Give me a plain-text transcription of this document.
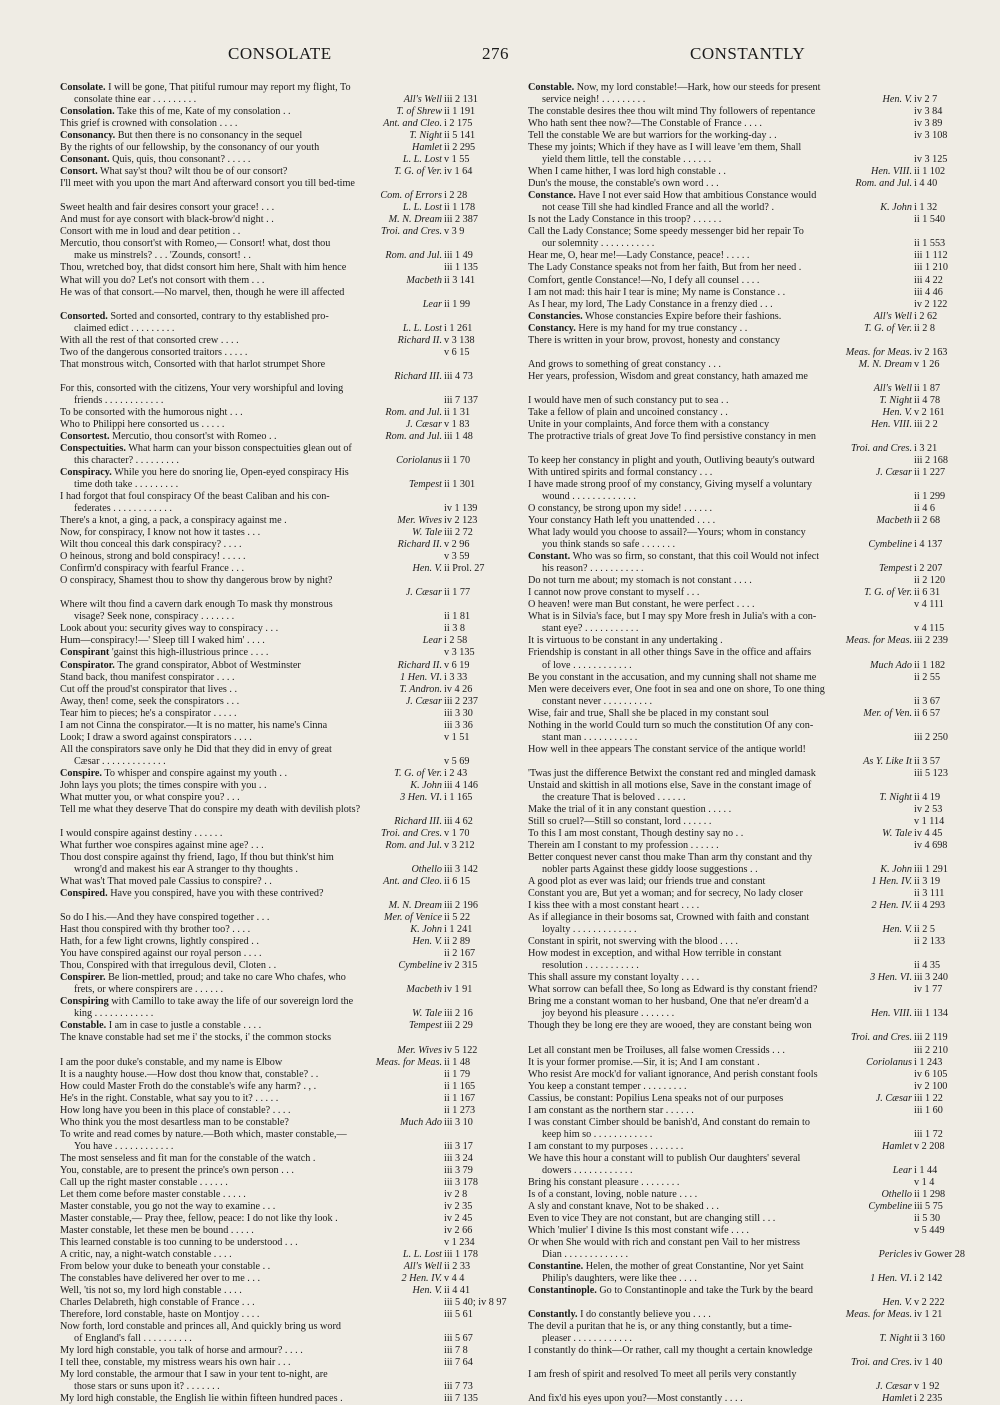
CONSOLATE	276	CONSTANTLY
Consolate. I will be gone, That pitiful rumour may report my flight, To
consolate thine ear . . . . . . . . .	All's Well iii 2 131
Consolation. Take this of me, Kate of my consolation . .	T. of Shrew ii 1 191
This grief is crowned with consolation . . . .	Ant. and Cleo. i 2 175
Consonancy. But then there is no consonancy in the sequel	T. Night ii 5 141
By the rights of our fellowship, by the consonancy of our youth	Hamlet ii 2 295
Consonant. Quis, quis, thou consonant? . . . . .	L. L. Lost v 1 55
Consort. What say'st thou? wilt thou be of our consort?	T. G. of Ver. iv 1 64
I'll meet with you upon the mart And afterward consort you till bed-time
Com. of Errors i 2 28
Sweet health and fair desires consort your grace! . . .	L. L. Lost ii 1 178
And must for aye consort with black-brow'd night . .	M. N. Dream iii 2 387
Consort with me in loud and dear petition . .	Troi. and Cres. v 3 9
Mercutio, thou consort'st with Romeo,— Consort! what, dost thou
make us minstrels? . . . 'Zounds, consort! . .	Rom. and Jul. iii 1 49
Thou, wretched boy, that didst consort him here, Shalt with him hence	iii 1 135
What will you do? Let's not consort with them . . .	Macbeth ii 3 141
He was of that consort.—No marvel, then, though he were ill affected
Lear ii 1 99
Consorted. Sorted and consorted, contrary to thy established pro-
claimed edict . . . . . . . . .	L. L. Lost i 1 261
With all the rest of that consorted crew . . . .	Richard II. v 3 138
Two of the dangerous consorted traitors . . . . .	v 6 15
That monstrous witch, Consorted with that harlot strumpet Shore
Richard III. iii 4 73
For this, consorted with the citizens, Your very worshipful and loving
friends . . . . . . . . . . . .	iii 7 137
To be consorted with the humorous night . . .	Rom. and Jul. ii 1 31
Who to Philippi here consorted us . . . . .	J. Cæsar v 1 83
Consortest. Mercutio, thou consort'st with Romeo . .	Rom. and Jul. iii 1 48
Conspectuities. What harm can your bisson conspectuities glean out of
this character? . . . . . . . . .	Coriolanus ii 1 70
Conspiracy. While you here do snoring lie, Open-eyed conspiracy His
time doth take . . . . . . . . .	Tempest ii 1 301
I had forgot that foul conspiracy Of the beast Caliban and his con-
federates . . . . . . . . . . . .	iv 1 139
There's a knot, a ging, a pack, a conspiracy against me .	Mer. Wives iv 2 123
Now, for conspiracy, I know not how it tastes . . .	W. Tale iii 2 72
Wilt thou conceal this dark conspiracy? . . . .	Richard II. v 2 96
O heinous, strong and bold conspiracy! . . . . .	v 3 59
Confirm'd conspiracy with fearful France . . .	Hen. V. ii Prol. 27
O conspiracy, Shamest thou to show thy dangerous brow by night?
J. Cæsar ii 1 77
Where wilt thou find a cavern dark enough To mask thy monstrous
visage? Seek none, conspiracy . . . . . . .	ii 1 81
Look about you: security gives way to conspiracy . . .	ii 3 8
Hum—conspiracy!—' Sleep till I waked him' . . . .	Lear i 2 58
Conspirant 'gainst this high-illustrious prince . . . .	v 3 135
Conspirator. The grand conspirator, Abbot of Westminster	Richard II. v 6 19
Stand back, thou manifest conspirator . . . .	1 Hen. VI. i 3 33
Cut off the proud'st conspirator that lives . .	T. Andron. iv 4 26
Away, then! come, seek the conspirators . . .	J. Cæsar iii 2 237
Tear him to pieces; he's a conspirator . . . . .	iii 3 30
I am not Cinna the conspirator.—It is no matter, his name's Cinna	iii 3 36
Look; I draw a sword against conspirators . . . .	v 1 51
All the conspirators save only he Did that they did in envy of great
Cæsar . . . . . . . . . . . . .	v 5 69
Conspire. To whisper and conspire against my youth . .	T. G. of Ver. i 2 43
John lays you plots; the times conspire with you . .	K. John iii 4 146
What mutter you, or what conspire you? . . .	3 Hen. VI. i 1 165
Tell me what they deserve That do conspire my death with devilish plots?
Richard III. iii 4 62
I would conspire against destiny . . . . . .	Troi. and Cres. v 1 70
What further woe conspires against mine age? . . .	Rom. and Jul. v 3 212
Thou dost conspire against thy friend, Iago, If thou but think'st him
wrong'd and makest his ear A stranger to thy thoughts .	Othello iii 3 142
What was't That moved pale Cassius to conspire? . .	Ant. and Cleo. ii 6 15
Conspired. Have you conspired, have you with these contrived?
M. N. Dream iii 2 196
So do I his.—And they have conspired together . . .	Mer. of Venice ii 5 22
Hast thou conspired with thy brother too? . . . .	K. John i 1 241
Hath, for a few light crowns, lightly conspired . .	Hen. V. ii 2 89
You have conspired against our royal person . . . .	ii 2 167
Thou, Conspired with that irregulous devil, Cloten . .	Cymbeline iv 2 315
Conspirer. Be lion-mettled, proud; and take no care Who chafes, who
frets, or where conspirers are . . . . . .	Macbeth iv 1 91
Conspiring with Camillo to take away the life of our sovereign lord the
king . . . . . . . . . . . .	W. Tale iii 2 16
Constable. I am in case to justle a constable . . . .	Tempest iii 2 29
The knave constable had set me i' the stocks, i' the common stocks
Mer. Wives iv 5 122
I am the poor duke's constable, and my name is Elbow	Meas. for Meas. ii 1 48
It is a naughty house.—How dost thou know that, constable? . .	ii 1 79
How could Master Froth do the constable's wife any harm? . , .	ii 1 165
He's in the right. Constable, what say you to it? . . . . .	ii 1 167
How long have you been in this place of constable? . . . .	ii 1 273
Who think you the most desartless man to be constable?	Much Ado iii 3 10
To write and read comes by nature.—Both which, master constable,—
You have . . . . . . . . . . . .	iii 3 17
The most senseless and fit man for the constable of the watch .	iii 3 24
You, constable, are to present the prince's own person . . .	iii 3 79
Call up the right master constable . . . . . .	iii 3 178
Let them come before master constable . . . . .	iv 2 8
Master constable, you go not the way to examine . . .	iv 2 35
Master constable,— Pray thee, fellow, peace: I do not like thy look .	iv 2 45
Master constable, let these men be bound . . . . .	iv 2 66
This learned constable is too cunning to be understood . . .	v 1 234
A critic, nay, a night-watch constable . . . .	L. L. Lost iii 1 178
From below your duke to beneath your constable . .	All's Well ii 2 33
The constables have delivered her over to me . . .	2 Hen. IV. v 4 4
Well, 'tis not so, my lord high constable . . . .	Hen. V. ii 4 41
Charles Delabreth, high constable of France . . .	iii 5 40; iv 8 97
Therefore, lord constable, haste on Montjoy . . . .	iii 5 61
Now forth, lord constable and princes all, And quickly bring us word
of England's fall . . . . . . . . . .	iii 5 67
My lord high constable, you talk of horse and armour? . . . .	iii 7 8
I tell thee, constable, my mistress wears his own hair . . .	iii 7 64
My lord constable, the armour that I saw in your tent to-night, are
those stars or suns upon it? . . . . . . .	iii 7 73
My lord high constable, the English lie within fifteen hundred paces .	iii 7 135
Constable. Now, my lord constable!—Hark, how our steeds for present
service neigh! . . . . . . . . .	Hen. V. iv 2 7
The constable desires thee thou wilt mind Thy followers of repentance	iv 3 84
Who hath sent thee now?—The Constable of France . . . .	iv 3 89
Tell the constable We are but warriors for the working-day . .	iv 3 108
These my joints; Which if they have as I will leave 'em them, Shall
yield them little, tell the constable . . . . . .	iv 3 125
When I came hither, I was lord high constable . .	Hen. VIII. ii 1 102
Dun's the mouse, the constable's own word . . .	Rom. and Jul. i 4 40
Constance. Have I not ever said How that ambitious Constance would
not cease Till she had kindled France and all the world? .	K. John i 1 32
Is not the Lady Constance in this troop? . . . . . .	ii 1 540
Call the Lady Constance; Some speedy messenger bid her repair To
our solemnity . . . . . . . . . . .	ii 1 553
Hear me, O, hear me!—Lady Constance, peace! . . . . .	iii 1 112
The Lady Constance speaks not from her faith, But from her need .	iii 1 210
Comfort, gentle Constance!—No, I defy all counsel . . . .	iii 4 22
I am not mad: this hair I tear is mine; My name is Constance . .	iii 4 46
As I hear, my lord, The Lady Constance in a frenzy died . . .	iv 2 122
Constancies. Whose constancies Expire before their fashions.	All's Well i 2 62
Constancy. Here is my hand for my true constancy . .	T. G. of Ver. ii 2 8
There is written in your brow, provost, honesty and constancy
Meas. for Meas. iv 2 163
And grows to something of great constancy . . .	M. N. Dream v 1 26
Her years, profession, Wisdom and great constancy, hath amazed me
All's Well ii 1 87
I would have men of such constancy put to sea . .	T. Night ii 4 78
Take a fellow of plain and uncoined constancy . .	Hen. V. v 2 161
Unite in your complaints, And force them with a constancy	Hen. VIII. iii 2 2
The protractive trials of great Jove To find persistive constancy in men
Troi. and Cres. i 3 21
To keep her constancy in plight and youth, Outliving beauty's outward	iii 2 168
With untired spirits and formal constancy . . .	J. Cæsar ii 1 227
I have made strong proof of my constancy, Giving myself a voluntary
wound . . . . . . . . . . . . .	ii 1 299
O constancy, be strong upon my side! . . . . . .	ii 4 6
Your constancy Hath left you unattended . . . .	Macbeth ii 2 68
What lady would you choose to assail?—Yours; whom in constancy
you think stands so safe . . . . . . .	Cymbeline i 4 137
Constant. Who was so firm, so constant, that this coil Would not infect
his reason? . . . . . . . . . . .	Tempest i 2 207
Do not turn me about; my stomach is not constant . . . .	ii 2 120
I cannot now prove constant to myself . . .	T. G. of Ver. ii 6 31
O heaven! were man But constant, he were perfect . . . .	v 4 111
What is in Silvia's face, but I may spy More fresh in Julia's with a con-
stant eye? . . . . . . . . . . .	v 4 115
It is virtuous to be constant in any undertaking .	Meas. for Meas. iii 2 239
Friendship is constant in all other things Save in the office and affairs
of love . . . . . . . . . . . .	Much Ado ii 1 182
Be you constant in the accusation, and my cunning shall not shame me	ii 2 55
Men were deceivers ever, One foot in sea and one on shore, To one thing
constant never . . . . . . . . . .	ii 3 67
Wise, fair and true, Shall she be placed in my constant soul	Mer. of Ven. ii 6 57
Nothing in the world Could turn so much the constitution Of any con-
stant man . . . . . . . . . . .	iii 2 250
How well in thee appears The constant service of the antique world!
As Y. Like It ii 3 57
'Twas just the difference Betwixt the constant red and mingled damask	iii 5 123
Unstaid and skittish in all motions else, Save in the constant image of
the creature That is beloved . . . . . .	T. Night ii 4 19
Make the trial of it in any constant question . . . . .	iv 2 53
Still so cruel?—Still so constant, lord . . . . . .	v 1 114
To this I am most constant, Though destiny say no . .	W. Tale iv 4 45
Therein am I constant to my profession . . . . . .	iv 4 698
Better conquest never canst thou make Than arm thy constant and thy
nobler parts Against these giddy loose suggestions . .	K. John iii 1 291
A good plot as ever was laid; our friends true and constant	1 Hen. IV. ii 3 19
Constant you are, But yet a woman; and for secrecy, No lady closer	ii 3 111
I kiss thee with a most constant heart . . . .	2 Hen. IV. ii 4 293
As if allegiance in their bosoms sat, Crowned with faith and constant
loyalty . . . . . . . . . . . . .	Hen. V. ii 2 5
Constant in spirit, not swerving with the blood . . . .	ii 2 133
How modest in exception, and withal How terrible in constant
resolution . . . . . . . . . . .	ii 4 35
This shall assure my constant loyalty . . . .	3 Hen. VI. iii 3 240
What sorrow can befall thee, So long as Edward is thy constant friend?	iv 1 77
Bring me a constant woman to her husband, One that ne'er dream'd a
joy beyond his pleasure . . . . . . .	Hen. VIII. iii 1 134
Though they be long ere they are wooed, they are constant being won
Troi. and Cres. iii 2 119
Let all constant men be Troiluses, all false women Cressids . . .	iii 2 210
It is your former promise.—Sir, it is; And I am constant .	Coriolanus i 1 243
Who resist Are mock'd for valiant ignorance, And perish constant fools	iv 6 105
You keep a constant temper . . . . . . . . .	iv 2 100
Cassius, be constant: Popilius Lena speaks not of our purposes	J. Cæsar iii 1 22
I am constant as the northern star . . . . . .	iii 1 60
I was constant Cimber should be banish'd, And constant do remain to
keep him so . . . . . . . . . . . .	iii 1 72
I am constant to my purposes . . . . . . .	Hamlet v 2 208
We have this hour a constant will to publish Our daughters' several
dowers . . . . . . . . . . . .	Lear i 1 44
Bring his constant pleasure . . . . . . . .	v 1 4
Is of a constant, loving, noble nature . . . .	Othello ii 1 298
A sly and constant knave, Not to be shaked . . .	Cymbeline iii 5 75
Even to vice They are not constant, but are changing still . . .	ii 5 30
Which 'mulier' I divine Is this most constant wife . . . .	v 5 449
Or when She would with rich and constant pen Vail to her mistress
Dian . . . . . . . . . . . . .	Pericles iv Gower 28
Constantine. Helen, the mother of great Constantine, Nor yet Saint
Philip's daughters, were like thee . . . .	1 Hen. VI. i 2 142
Constantinople. Go to Constantinople and take the Turk by the beard
Hen. V. v 2 222
Constantly. I do constantly believe you . . . .	Meas. for Meas. iv 1 21
The devil a puritan that he is, or any thing constantly, but a time-
pleaser . . . . . . . . . . . .	T. Night ii 3 160
I constantly do think—Or rather, call my thought a certain knowledge
Troi. and Cres. iv 1 40
I am fresh of spirit and resolved To meet all perils very constantly
J. Cæsar v 1 92
And fix'd his eyes upon you?—Most constantly . . . .	Hamlet i 2 235
